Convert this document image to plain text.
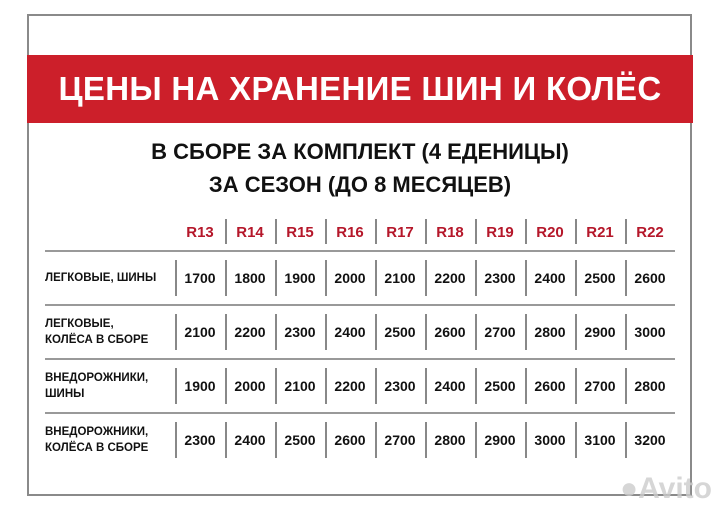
ЦЕНЫ НА ХРАНЕНИЕ ШИН И КОЛЁС
В СБОРЕ ЗА КОМПЛЕКТ (4 ЕДЕНИЦЫ)
ЗА СЕЗОН (ДО 8 МЕСЯЦЕВ)
	R13	R14	R15	R16	R17	R18	R19	R20	R21	R22

ЛЕГКОВЫЕ, ШИНЫ	1700	1800	1900	2000	2100	2200	2300	2400	2500	2600

ЛЕГКОВЫЕ,
КОЛЁСА В СБОРЕ	2100	2200	2300	2400	2500	2600	2700	2800	2900	3000

ВНЕДОРОЖНИКИ,
ШИНЫ	1900	2000	2100	2200	2300	2400	2500	2600	2700	2800

ВНЕДОРОЖНИКИ,
КОЛЁСА В СБОРЕ	2300	2400	2500	2600	2700	2800	2900	3000	3100	3200
●Avito
